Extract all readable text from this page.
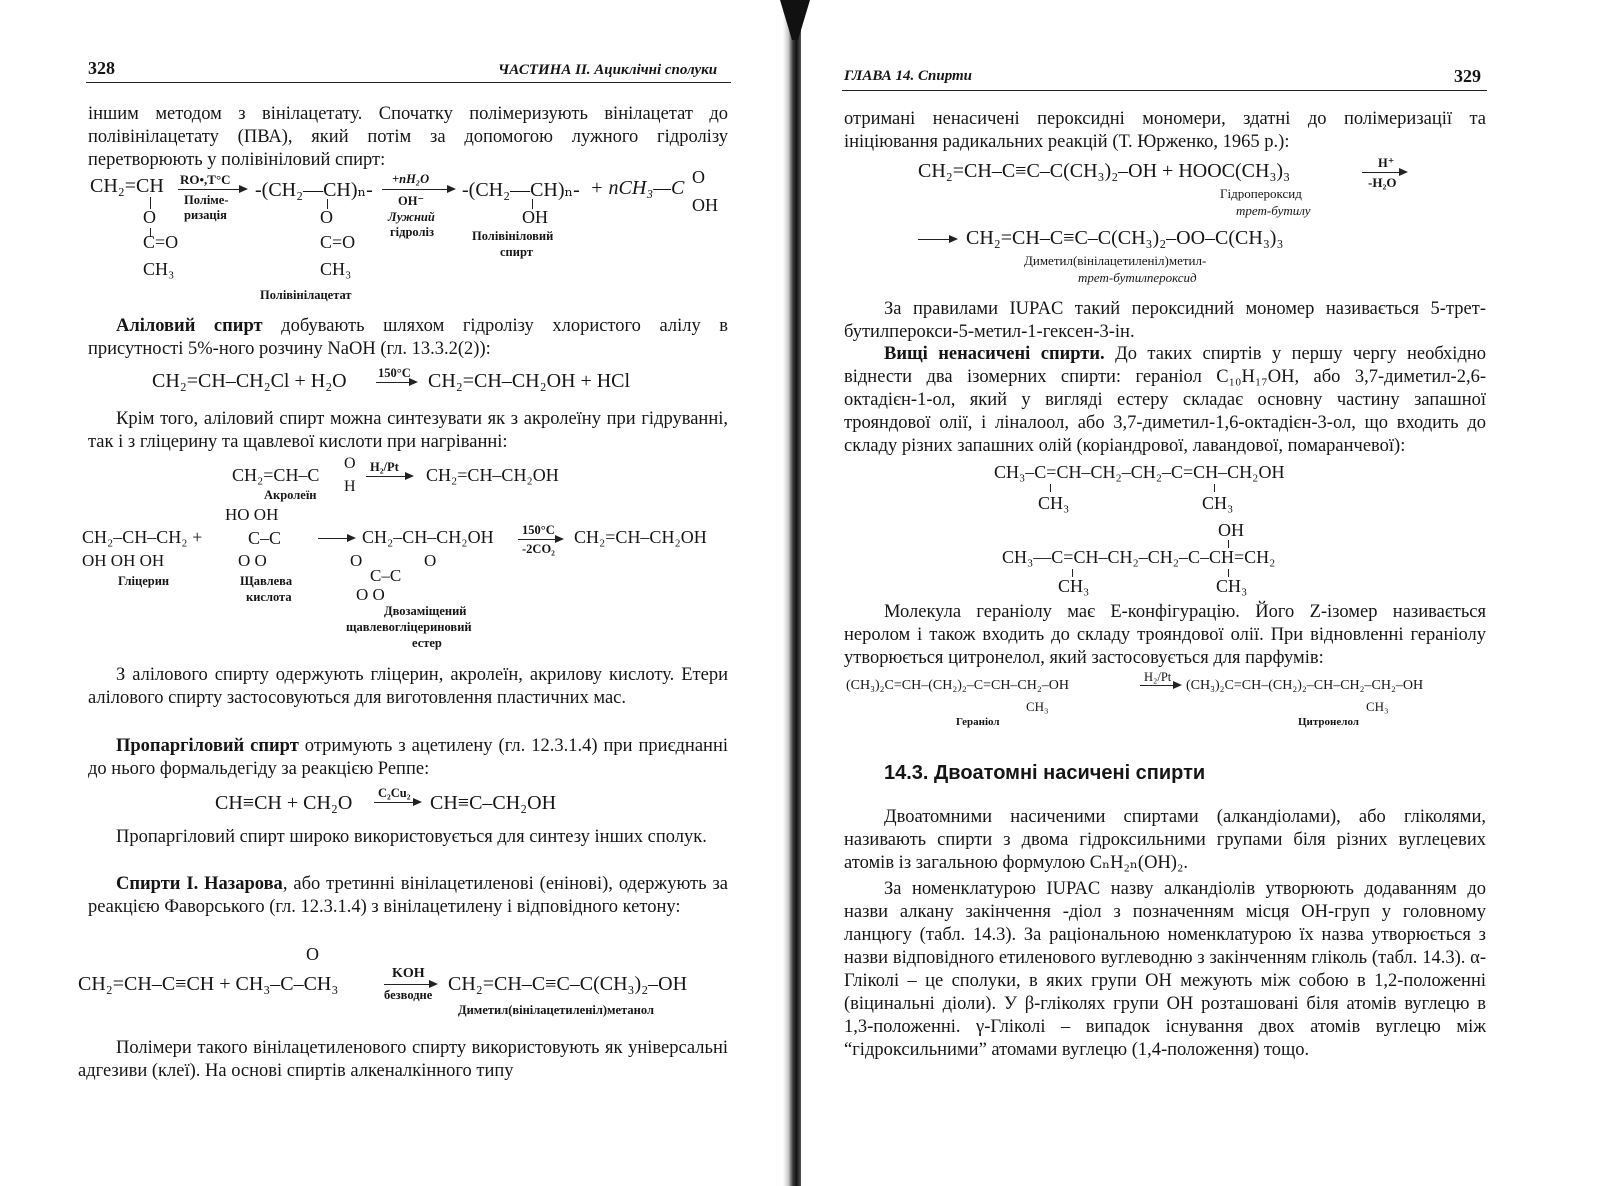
328	ЧАСТИНА II. Ациклічні сполуки
іншим методом з вінілацетату. Спочатку полімеризують вінілацетат до полівінілацетату (ПВА), який потім за допомогою лужного гідролізу перетворюють у полівініловий спирт:
CH₂=CH
O
C=O
CH₃
RO•,T°C
Полімe-
ризація
-(CH₂—CH)ₙ-
O
C=O
CH₃
Полівінілацетат
+nH₂O
OH⁻
Лужний
гідроліз
-(CH₂—CH)ₙ-
OH
Полівініловий
спирт
+ nCH₃—C O
OH
Аліловий спирт добувають шляхом гідролізу хлористого алілу в присутності 5%-ного розчину NaOH (гл. 13.3.2(2)):
CH₂=CH–CH₂Cl + H₂O	150°C → CH₂=CH–CH₂OH + HCl
Крім того, аліловий спирт можна синтезувати як з акролеїну при гідруванні, так і з гліцерину та щавлевої кислоти при нагріванні:
CH₂=CH–C
O
H
H₂/Pt → CH₂=CH–CH₂OH
Акролеїн
CH₂–CH–CH₂ +
OH OH OH
Гліцерин
HO OH
C–C
O O
Щавлева
кислота
→ CH₂–CH–CH₂OH
O	O
C–C
O O
Двозаміщений
щавлевогліцериновий
естер
150°C
-2CO₂
CH₂=CH–CH₂OH
З алілового спирту одержують гліцерин, акролеїн, акрилову кислоту. Етери алілового спирту застосовуються для виготовлення пластичних мас.
Пропаргіловий спирт отримують з ацетилену (гл. 12.3.1.4) при приєднанні до нього формальдегіду за реакцією Реппе:
CH≡CH + CH₂O C₂Cu₂ → CH≡C–CH₂OH
Пропаргіловий спирт широко використовується для синтезу інших сполук.
Спирти І. Назарова, або третинні вінілацетиленові (енінові), одержують за реакцією Фаворського (гл. 12.3.1.4) з вінілацетилену і відповідного кетону:
O
CH₂=CH–C≡CH + CH₃–C–CH₃	KOH
безводне CH₂=CH–C≡C–C(CH₃)₂–OH
Диметил(вінілацетиленіл)метанол
Полімери такого вінілацетиленового спирту використовують як універсальні адгезиви (клеї). На основі спиртів алкеналкінного типу
ГЛАВА 14. Спирти	329
отримані ненасичені пероксидні мономери, здатні до полімеризації та ініціювання радикальних реакцій (Т. Юрженко, 1965 р.):
CH₂=CH–C≡C–C(CH₃)₂–OH + HOOC(CH₃)₃	H⁺
-H₂O
Гідропероксид
трет-бутилу
→ CH₂=CH–C≡C–C(CH₃)₂–OO–C(CH₃)₃
Диметил(вінілацетиленіл)метил-
трет-бутилпероксид
За правилами IUPAC такий пероксидний мономер називається 5-трет-бутилперокси-5-метил-1-гексен-3-ін.
Вищі ненасичені спирти. До таких спиртів у першу чергу необхідно віднести два ізомерних спирти: гераніол C₁₀H₁₇OH, або 3,7-диметил-2,6-октадієн-1-ол, який у вигляді естеру складає основну частину запашної трояндової олії, і ліналоол, або 3,7-диметил-1,6-октадієн-3-ол, що входить до складу різних запашних олій (коріандрової, лавандової, помаранчевої):
CH₃–C=CH–CH₂–CH₂–C=CH–CH₂OH
CH₃	CH₃
OH
CH₃—C=CH–CH₂–CH₂–C–CH=CH₂
CH₃	CH₃
Молекула гераніолу має E-конфігурацію. Його Z-ізомер називається неролом і також входить до складу трояндової олії. При відновленні гераніолу утворюється цитронелол, який застосовується для парфумів:
(CH₃)₂C=CH–(CH₂)₂–C=CH–CH₂–OH
H₂/Pt
→ (CH₃)₂C=CH–(CH₂)₂–CH–CH₂–CH₂–OH
CH₃	CH₃
Гераніол	Цитронелол
14.3. Двоатомні насичені спирти
Двоатомними насиченими спиртами (алкандіолами), або гліколями, називають спирти з двома гідроксильними групами біля різних вуглецевих атомів із загальною формулою CₙH₂ₙ(OH)₂.
За номенклатурою IUPAC назву алкандіолів утворюють додаванням до назви алкану закінчення -діол з позначенням місця OH-груп у головному ланцюгу (табл. 14.3). За раціональною номенклатурою їх назва утворюється з назви відповідного етиленового вуглеводню з закінченням гліколь (табл. 14.3). α-Гліколі – це сполуки, в яких групи OH межують між собою в 1,2-положенні (віцинальні діоли). У β-гліколях групи OH розташовані біля атомів вуглецю в 1,3-положенні. γ-Гліколі – випадок існування двох атомів вуглецю між “гідроксильними” атомами вуглецю (1,4-положення) тощо.
